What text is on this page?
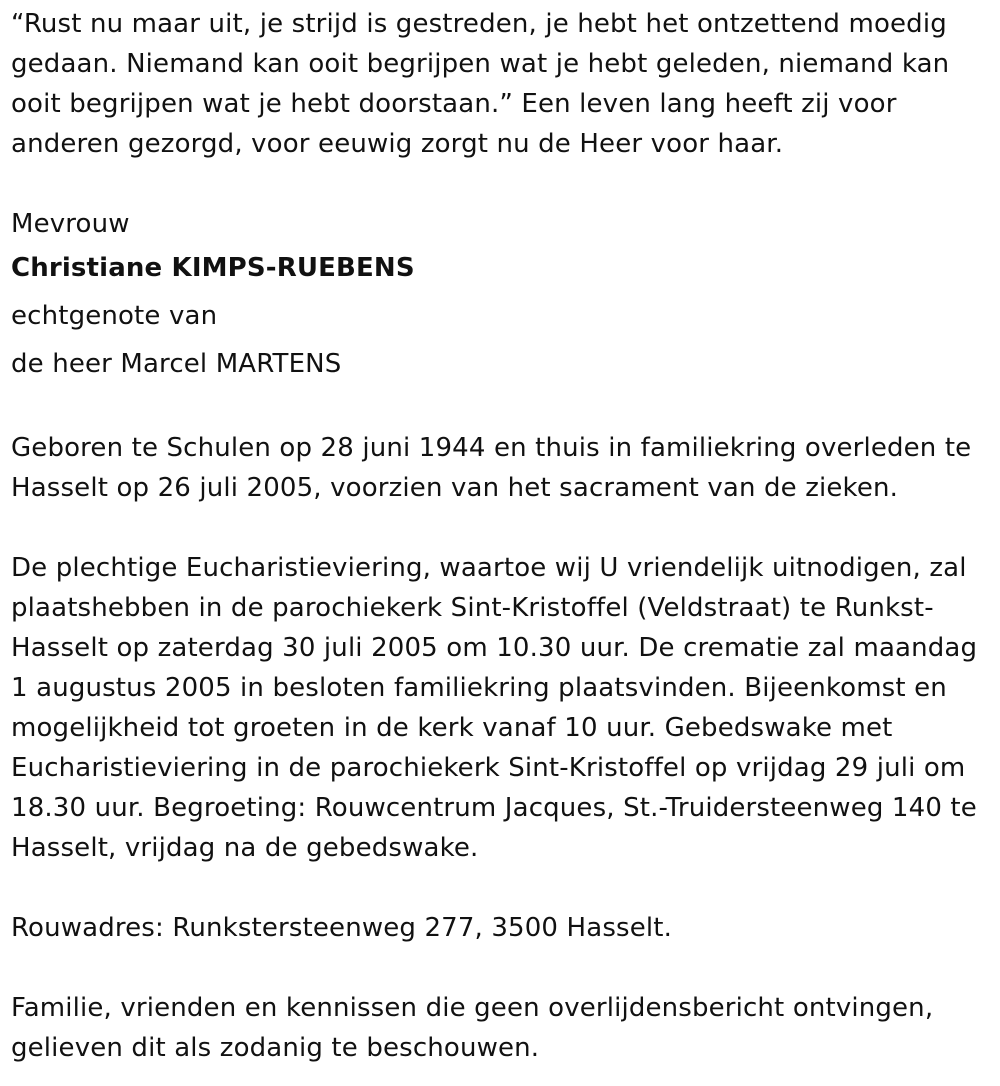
“Rust nu maar uit, je strijd is gestreden, je hebt het ontzettend moedig gedaan. Niemand kan ooit begrijpen wat je hebt geleden, niemand kan ooit begrijpen wat je hebt doorstaan.” Een leven lang heeft zij voor anderen gezorgd, voor eeuwig zorgt nu de Heer voor haar.

Mevrouw

Christiane KIMPS-RUEBENS

echtgenote van

de heer Marcel MARTENS

Geboren te Schulen op 28 juni 1944 en thuis in familiekring overleden te Hasselt op 26 juli 2005, voorzien van het sacrament van de zieken.

De plechtige Eucharistieviering, waartoe wij U vriendelijk uitnodigen, zal plaatshebben in de parochiekerk Sint-Kristoffel (Veldstraat) te Runkst-Hasselt op zaterdag 30 juli 2005 om 10.30 uur. De crematie zal maandag 1 augustus 2005 in besloten familiekring plaatsvinden. Bijeenkomst en mogelijkheid tot groeten in de kerk vanaf 10 uur. Gebedswake met Eucharistieviering in de parochiekerk Sint-Kristoffel op vrijdag 29 juli om 18.30 uur. Begroeting: Rouwcentrum Jacques, St.-Truidersteenweg 140 te Hasselt, vrijdag na de gebedswake.

Rouwadres: Runkstersteenweg 277, 3500 Hasselt.

Familie, vrienden en kennissen die geen overlijdensbericht ontvingen, gelieven dit als zodanig te beschouwen.
